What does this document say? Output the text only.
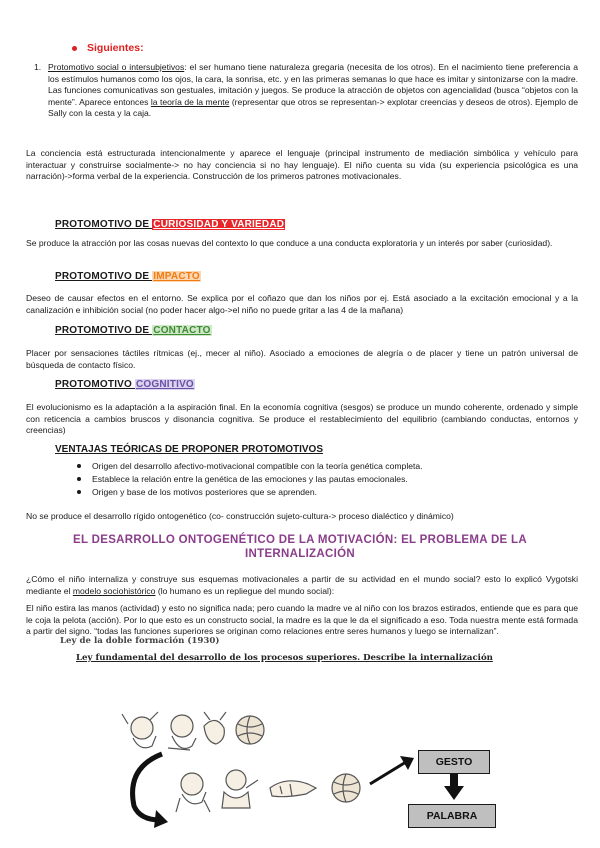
Siguientes:
1. Protomotivo social o intersubjetivos: el ser humano tiene naturaleza gregaria (necesita de los otros). En el nacimiento tiene preferencia a los estímulos humanos como los ojos, la cara, la sonrisa, etc. y en las primeras semanas lo que hace es imitar y sintonizarse con la madre. Las funciones comunicativas son gestuales, imitación y juegos. Se produce la atracción de objetos con agencialidad (busca “objetos con la mente”. Aparece entonces la teoría de la mente (representar que otros se representan-> explotar creencias y deseos de otros). Ejemplo de Sally con la cesta y la caja.

La conciencia está estructurada intencionalmente y aparece el lenguaje (principal instrumento de mediación simbólica y vehículo para interactuar y construirse socialmente-> no hay conciencia si no hay lenguaje). El niño cuenta su vida (su experiencia psicológica es una narración)->forma verbal de la experiencia. Construcción de los primeros patrones motivacionales.

PROTOMOTIVO DE CURIOSIDAD Y VARIEDAD

Se produce la atracción por las cosas nuevas del contexto lo que conduce a una conducta exploratoria y un interés por saber (curiosidad).

PROTOMOTIVO DE IMPACTO

Deseo de causar efectos en el entorno. Se explica por el coñazo que dan los niños por ej. Está asociado a la excitación emocional y a la canalización e inhibición social (no poder hacer algo->el niño no puede gritar a las 4 de la mañana)

PROTOMOTIVO DE CONTACTO

Placer por sensaciones táctiles rítmicas (ej., mecer al niño). Asociado a emociones de alegría o de placer y tiene un patrón universal de búsqueda de contacto físico.

PROTOMOTIVO COGNITIVO

El evolucionismo es la adaptación a la aspiración final. En la economía cognitiva (sesgos) se produce un mundo coherente, ordenado y simple con reticencia a cambios bruscos y disonancia cognitiva. Se produce el restablecimiento del equilibrio (cambiando conductas, entornos y creencias)

VENTAJAS TEÓRICAS DE PROPONER PROTOMOTIVOS
Origen del desarrollo afectivo-motivacional compatible con la teoría genética completa.
Establece la relación entre la genética de las emociones y las pautas emocionales.
Origen y base de los motivos posteriores que se aprenden.

No se produce el desarrollo rígido ontogenético (co- construcción sujeto-cultura-> proceso dialéctico y dinámico)

EL DESARROLLO ONTOGENÉTICO DE LA MOTIVACIÓN: EL PROBLEMA DE LA INTERNALIZACIÓN

¿Cómo el niño internaliza y construye sus esquemas motivacionales a partir de su actividad en el mundo social? esto lo explicó Vygotski mediante el modelo sociohistórico (lo humano es un repliegue del mundo social):

El niño estira las manos (actividad) y esto no significa nada; pero cuando la madre ve al niño con los brazos estirados, entiende que es para que le coja la pelota (acción). Por lo que esto es un constructo social, la madre es la que le da el significado a eso. Toda nuestra mente está formada a partir del signo. “todas las funciones superiores se originan como relaciones entre seres humanos y luego se internalizan”.

Ley de la doble formación (1930)
Ley fundamental del desarrollo de los procesos superiores. Describe la internalización
GESTO
PALABRA
